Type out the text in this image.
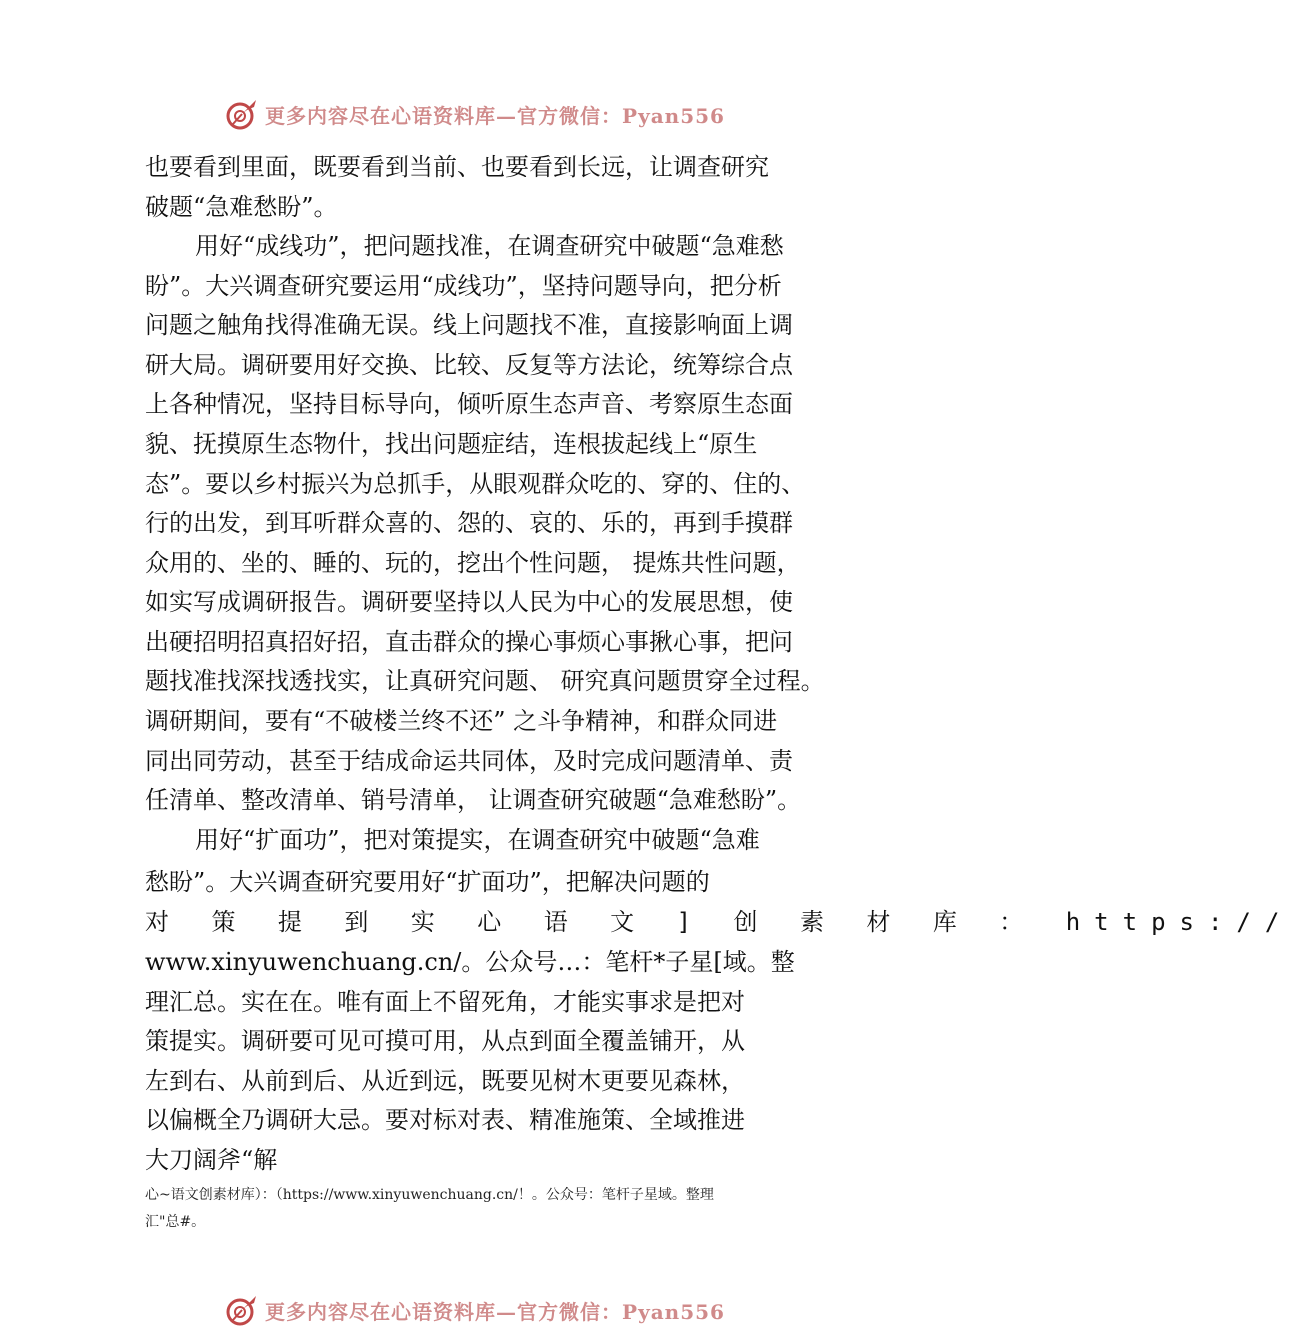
更多内容尽在心语资料库—官方微信：Pyan556
也要看到里面，既要看到当前、也要看到长远，让调查研究
破题“急难愁盼”。
用好“成线功”，把问题找准，在调查研究中破题“急难愁
盼”。大兴调查研究要运用“成线功”，坚持问题导向，把分析
问题之触角找得准确无误。线上问题找不准，直接影响面上调
研大局。调研要用好交换、比较、反复等方法论，统筹综合点
上各种情况，坚持目标导向，倾听原生态声音、考察原生态面
貌、抚摸原生态物什，找出问题症结，连根拔起线上“原生
态”。要以乡村振兴为总抓手，从眼观群众吃的、穿的、住的、
行的出发，到耳听群众喜的、怨的、哀的、乐的，再到手摸群
众用的、坐的、睡的、玩的，挖出个性问题， 提炼共性问题，
如实写成调研报告。调研要坚持以人民为中心的发展思想，使
出硬招明招真招好招，直击群众的操心事烦心事揪心事，把问
题找准找深找透找实，让真研究问题、 研究真问题贯穿全过程。
调研期间，要有“不破楼兰终不还” 之斗争精神，和群众同进
同出同劳动，甚至于结成命运共同体，及时完成问题清单、责
任清单、整改清单、销号清单， 让调查研究破题“急难愁盼”。
用好“扩面功”，把对策提实，在调查研究中破题“急难
愁盼”。大兴调查研究要用好“扩面功”，把解决问题的
对 策 提 到 实 心 语 文 ] 创 素 材 库 ： https://
www.xinyuwenchuang.cn/。公众号…：笔杆*子星[域。整
理汇总。实在在。唯有面上不留死角，才能实事求是把对
策提实。调研要可见可摸可用，从点到面全覆盖铺开，从
左到右、从前到后、从近到远，既要见树木更要见森林，
以偏概全乃调研大忌。要对标对表、精准施策、全域推进
大刀阔斧“解
心~语文创素材库）：（https://www.xinyuwenchuang.cn/！。公众号：笔杆子星域。整理
汇"总#。
更多内容尽在心语资料库—官方微信：Pyan556
